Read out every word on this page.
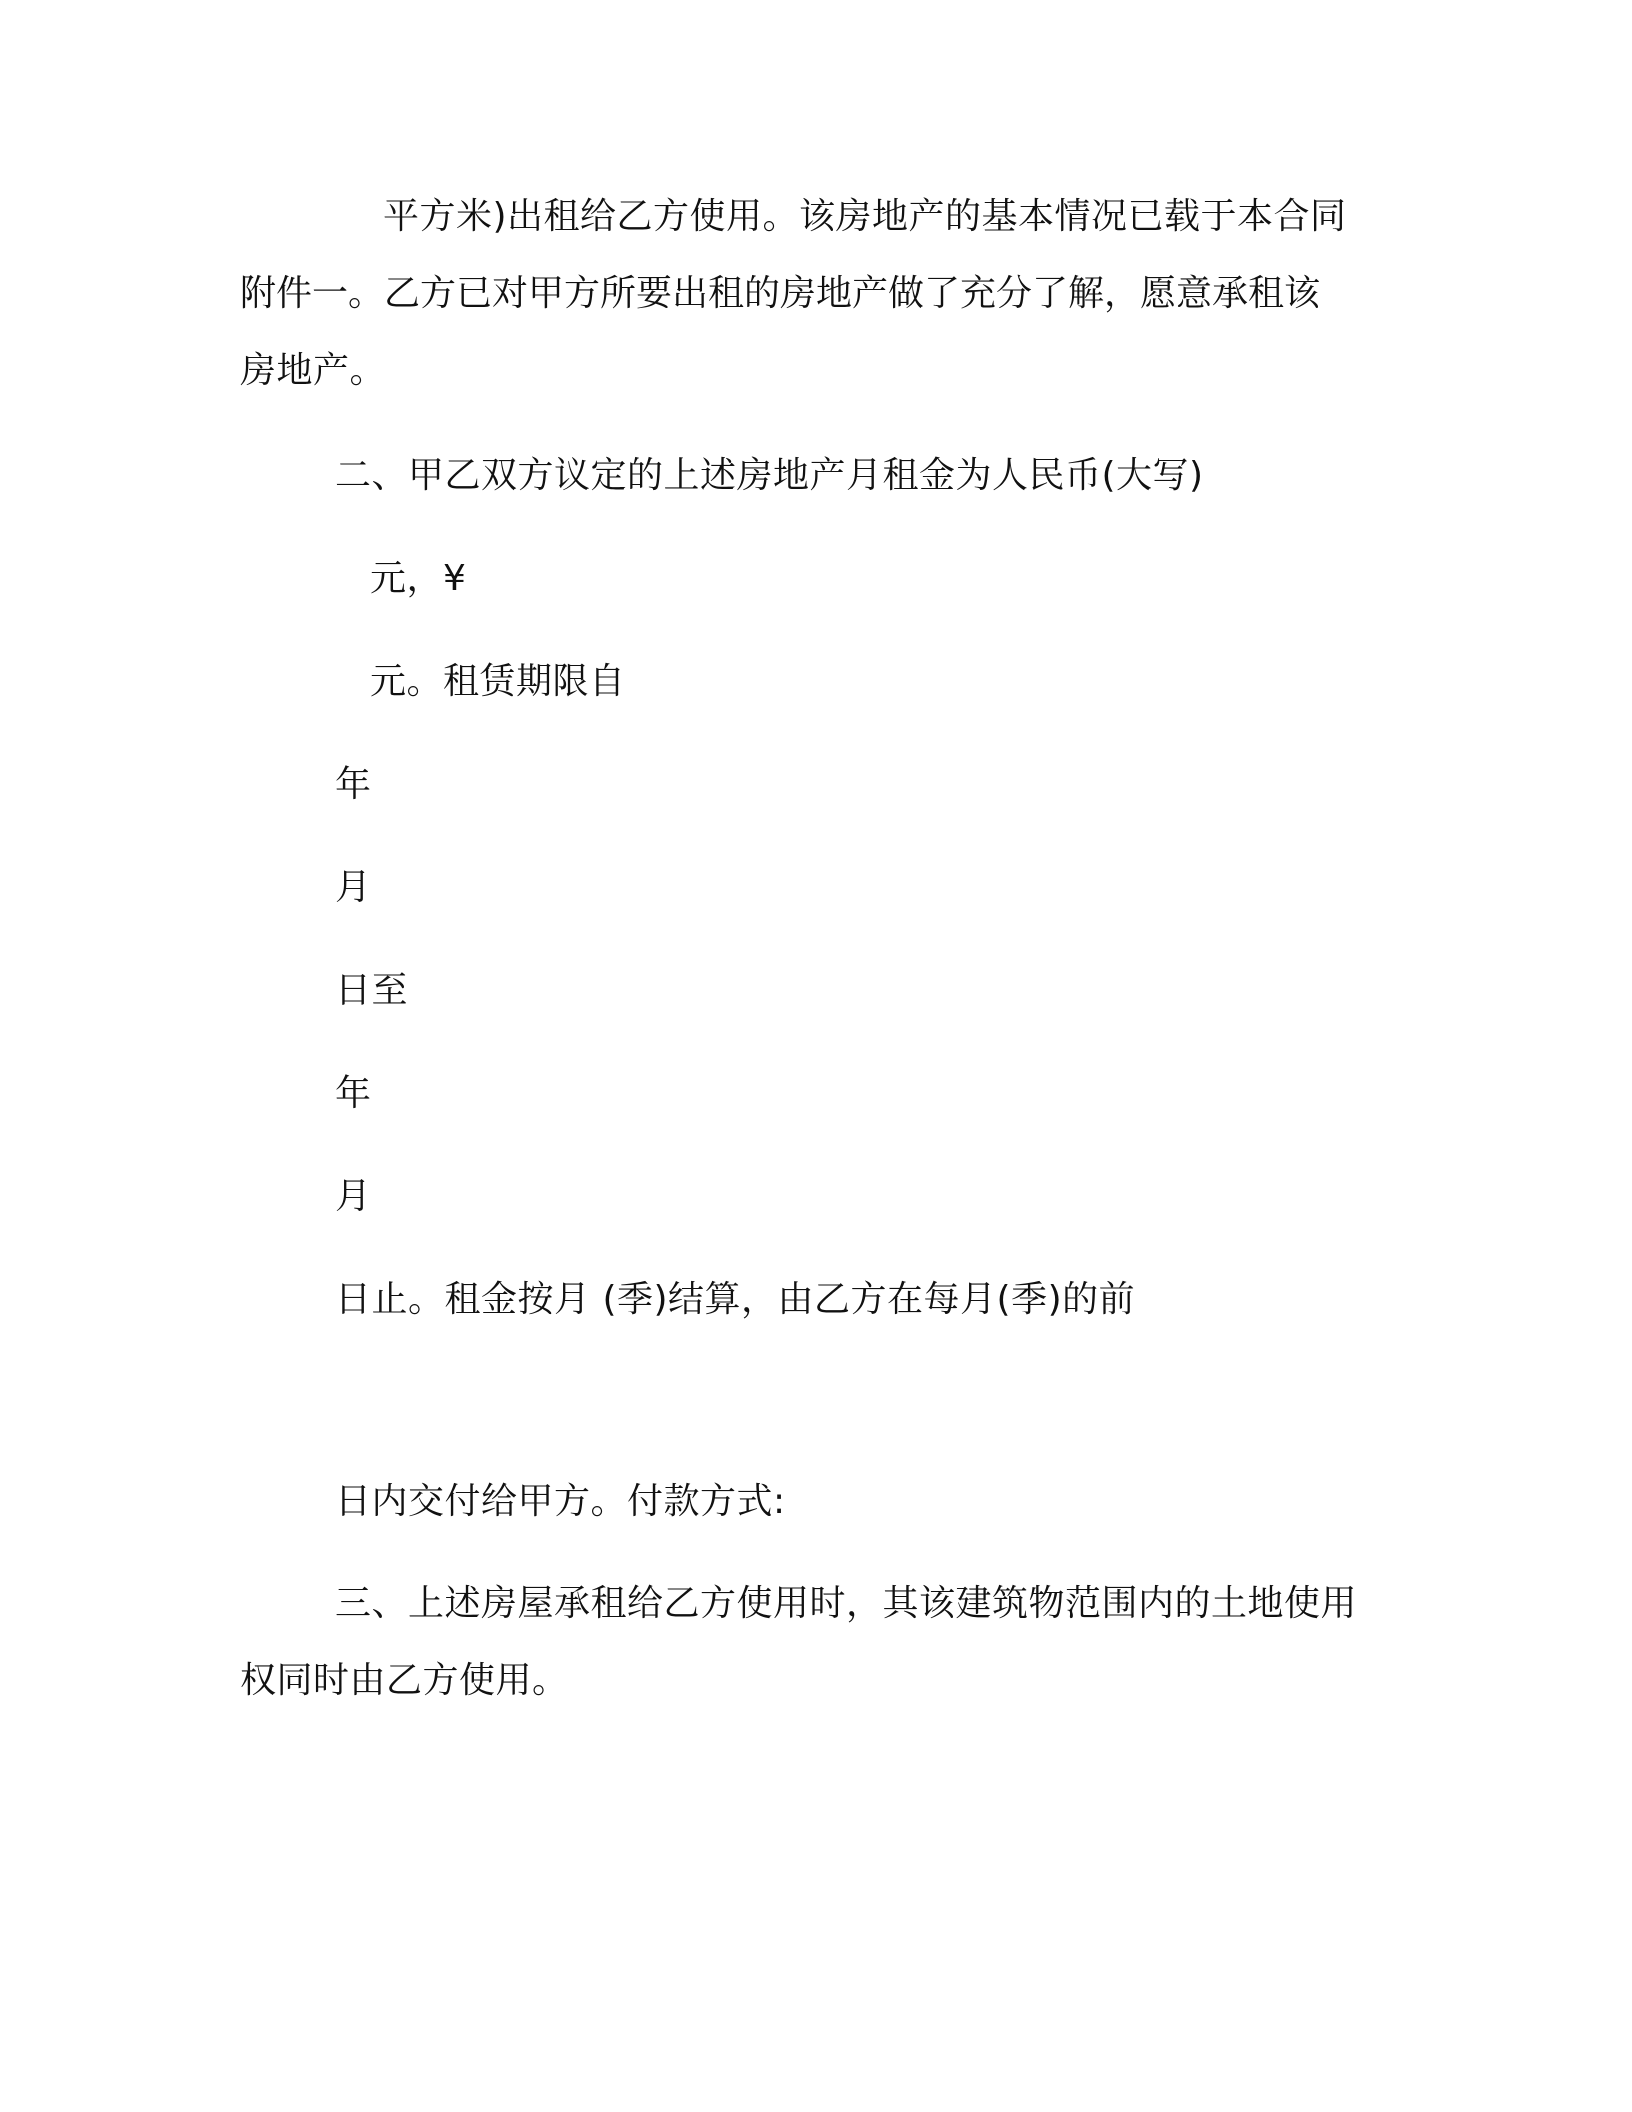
平方米)出租给乙方使用。该房地产的基本情况已载于本合同
附件一。乙方已对甲方所要出租的房地产做了充分了解，愿意承租该
房地产。
二、甲乙双方议定的上述房地产月租金为人民币(大写)
元，¥
元。租赁期限自
年
月
日至
年
月
日止。租金按月 (季)结算，由乙方在每月(季)的前
日内交付给甲方。付款方式:
三、上述房屋承租给乙方使用时，其该建筑物范围内的土地使用
权同时由乙方使用。
